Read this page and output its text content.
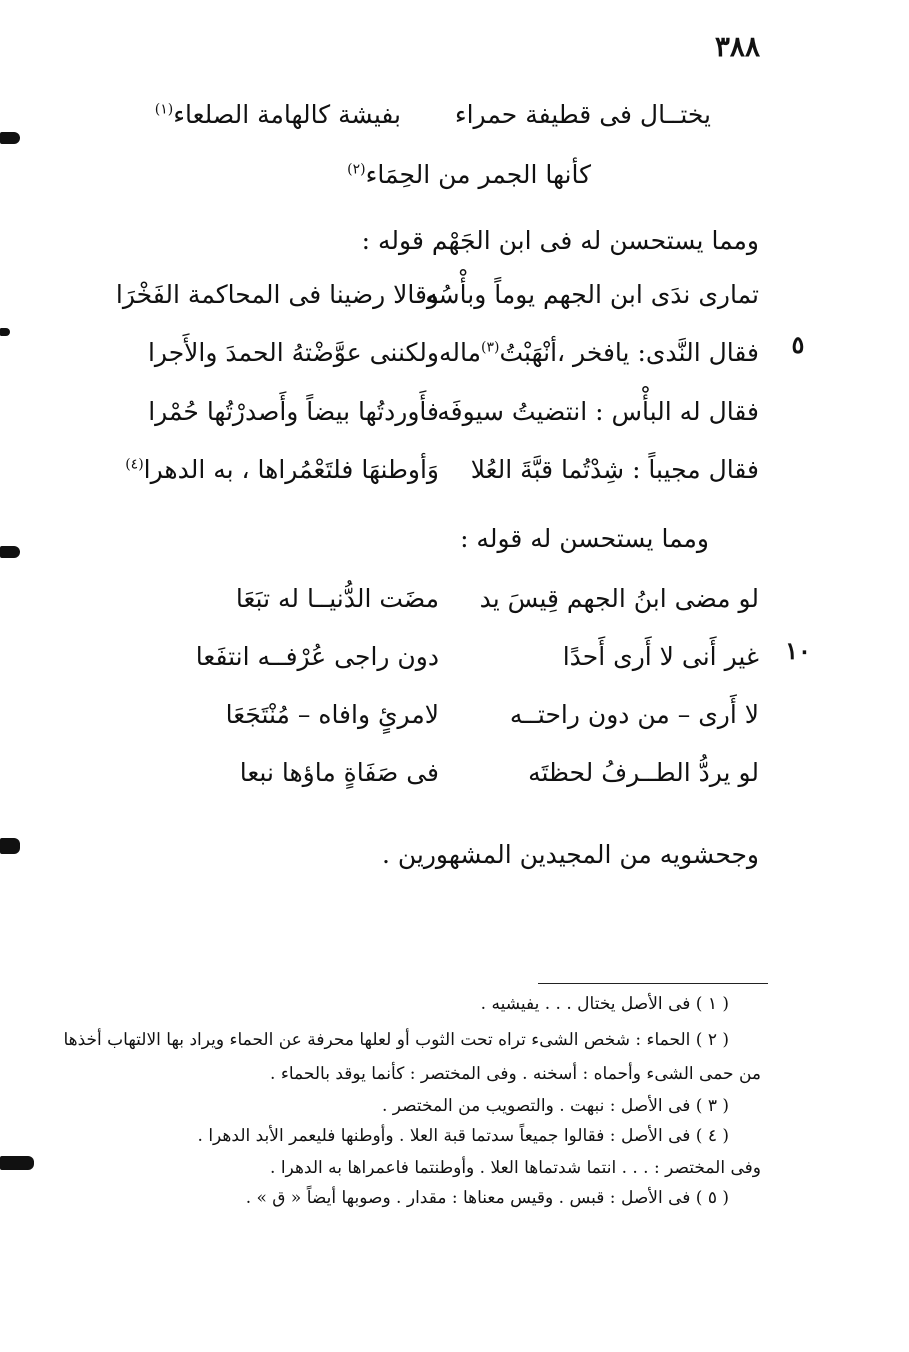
٣٨٨
يختــال فى قطيفة حمراء
بفيشة كالهامة الصلعاء$^{(١)}$
كأنها الجمر من الحِمَاء$^{(٢)}$
ومما يستحسن له فى ابن الجَهْم قوله :
تمارى ندَى ابن الجهم يوماً وبأْسُه
وقالا رضينا فى المحاكمة الفَخْرَا
٥
فقال النَّدى: يافخر ،أنْهَبْتُ$^{(٣)}$ماله
ولكننى عوَّضْتهُ الحمدَ والأَجرا
فقال له البأْس : انتضيتُ سيوفَه
فأَوردتُها بيضاً وأَصدرْتُها حُمْرا
فقال مجيباً : شِدْتُما قبَّةَ العُلا
وَأوطنهَا فلتَعْمُراها ، به الدهرا$^{(٤)}$
ومما يستحسن له قوله :
لو مضى ابنُ الجهم قِيسَ يد
مضَت الدُّنيــا له تبَعَا
١٠
غير أَنى لا أَرى أَحدًا
دون راجى عُرْفــه انتفَعا
لا أَرى – من دون راحتــه
لامرئٍ وافاه – مُنْتَجَعَا
لو يردُّ الطــرفُ لحظتَه
فى صَفَاةٍ ماؤها نبعا
وجحشويه من المجيدين المشهورين .
( ١ ) فى الأصل يختال . . . يفيشيه .
( ٢ ) الحماء : شخص الشىء تراه تحت الثوب أو لعلها محرفة عن الحماء ويراد بها الالتهاب أخذها
من حمى الشىء وأحماه : أسخنه . وفى المختصر : كأنما يوقد بالحماء .
( ٣ ) فى الأصل : نبهت . والتصويب من المختصر .
( ٤ ) فى الأصل : فقالوا جميعاً سدتما قبة العلا . وأوطنها فليعمر الأبد الدهرا .
وفى المختصر : . . . انتما شدتماها العلا . وأوطنتما فاعمراها به الدهرا .
( ٥ ) فى الأصل : قبس . وقيس معناها : مقدار . وصوبها أيضاً « ق » .
